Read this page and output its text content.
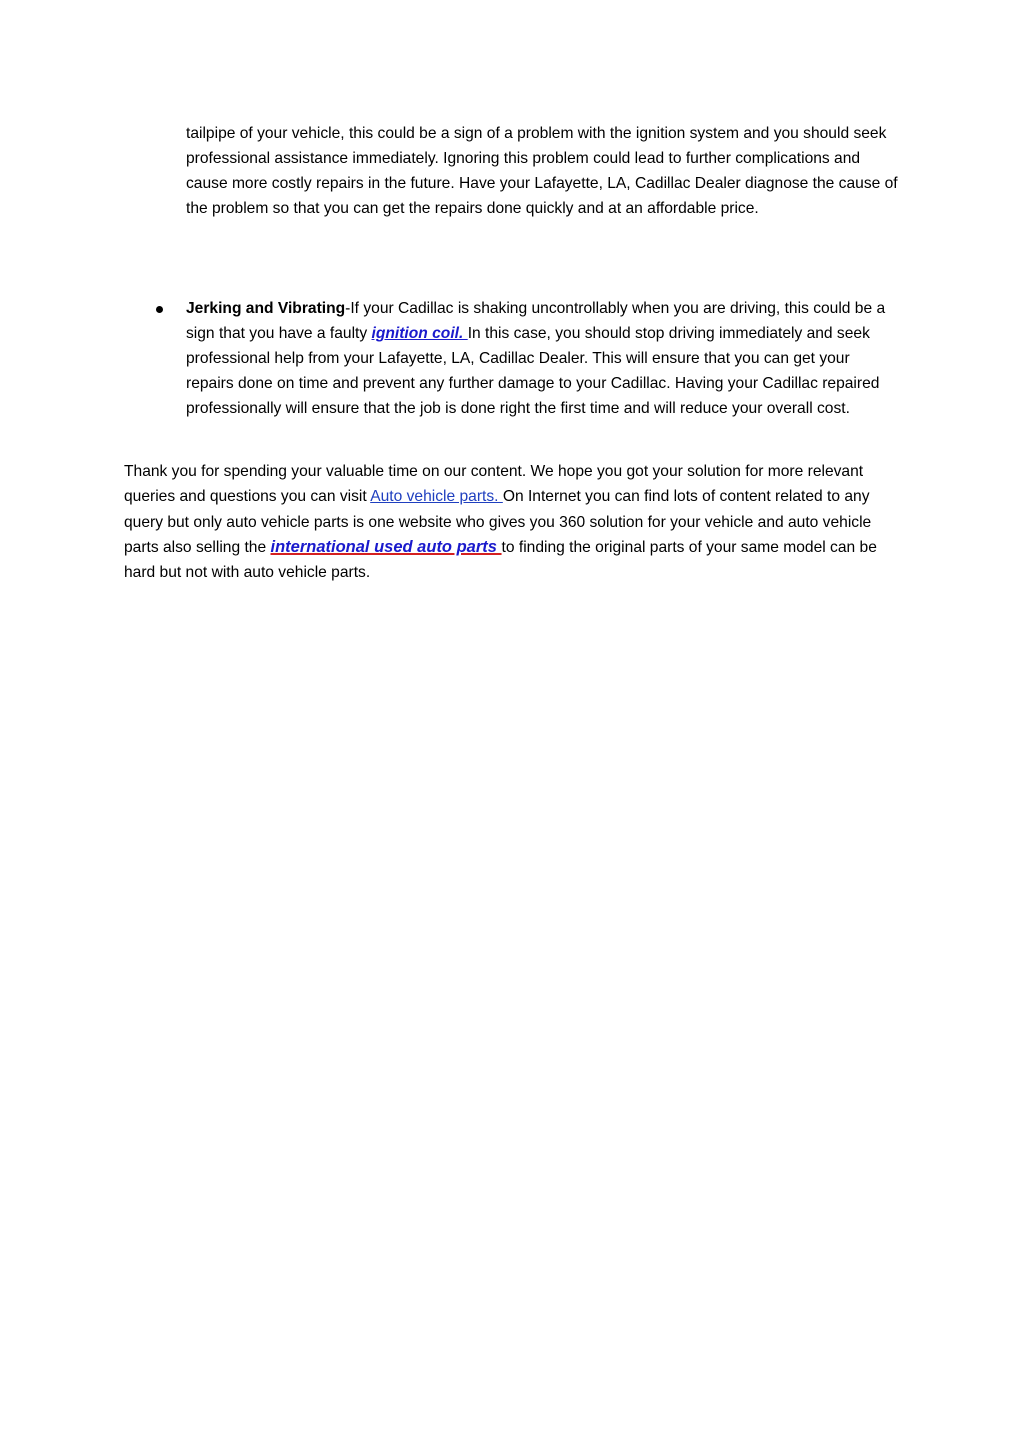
tailpipe of your vehicle, this could be a sign of a problem with the ignition system and you should seek professional assistance immediately. Ignoring this problem could lead to further complications and cause more costly repairs in the future. Have your Lafayette, LA, Cadillac Dealer diagnose the cause of the problem so that you can get the repairs done quickly and at an affordable price.

Jerking and Vibrating-If your Cadillac is shaking uncontrollably when you are driving, this could be a sign that you have a faulty ignition coil. In this case, you should stop driving immediately and seek professional help from your Lafayette, LA, Cadillac Dealer. This will ensure that you can get your repairs done on time and prevent any further damage to your Cadillac. Having your Cadillac repaired professionally will ensure that the job is done right the first time and will reduce your overall cost.

Thank you for spending your valuable time on our content. We hope you got your solution for more relevant queries and questions you can visit Auto vehicle parts. On Internet you can find lots of content related to any query but only auto vehicle parts is one website who gives you 360 solution for your vehicle and auto vehicle parts also selling the international used auto parts to finding the original parts of your same model can be hard but not with auto vehicle parts.
